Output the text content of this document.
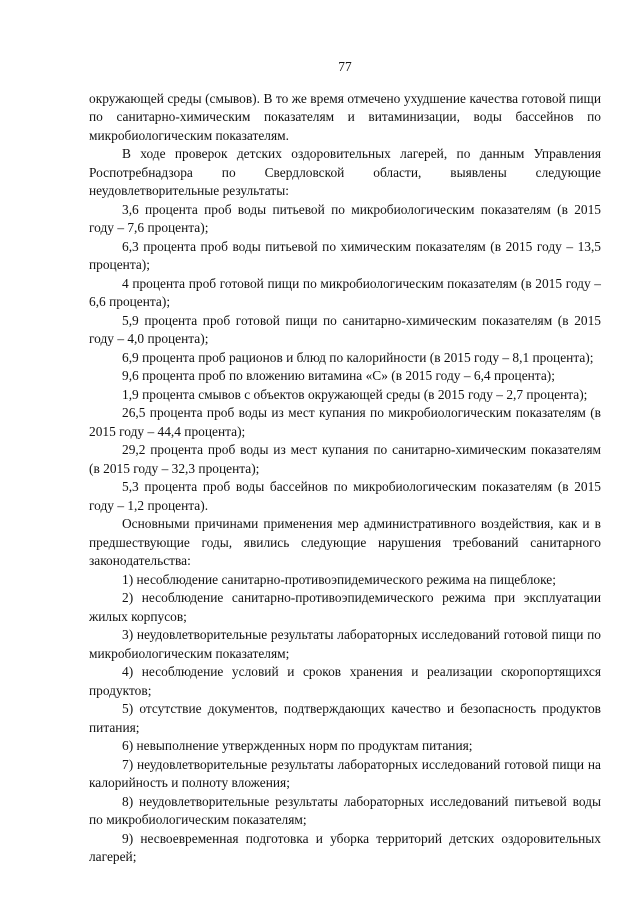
77

окружающей среды (смывов). В то же время отмечено ухудшение качества готовой пищи по санитарно-химическим показателям и витаминизации, воды бассейнов по микробиологическим показателям.

В ходе проверок детских оздоровительных лагерей, по данным Управления Роспотребнадзора по Свердловской области, выявлены следующие неудовлетворительные результаты:

3,6 процента проб воды питьевой по микробиологическим показателям (в 2015 году – 7,6 процента);

6,3 процента проб воды питьевой по химическим показателям (в 2015 году – 13,5 процента);

4 процента проб готовой пищи по микробиологическим показателям (в 2015 году – 6,6 процента);

5,9 процента проб готовой пищи по санитарно-химическим показателям (в 2015 году – 4,0 процента);

6,9 процента проб рационов и блюд по калорийности (в 2015 году – 8,1 процента);

9,6 процента проб по вложению витамина «С» (в 2015 году – 6,4 процента);

1,9 процента смывов с объектов окружающей среды (в 2015 году – 2,7 процента);

26,5 процента проб воды из мест купания по микробиологическим показателям (в 2015 году – 44,4 процента);

29,2 процента проб воды из мест купания по санитарно-химическим показателям (в 2015 году – 32,3 процента);

5,3 процента проб воды бассейнов по микробиологическим показателям (в 2015 году – 1,2 процента).

Основными причинами применения мер административного воздействия, как и в предшествующие годы, явились следующие нарушения требований санитарного законодательства:

1) несоблюдение санитарно-противоэпидемического режима на пищеблоке;

2) несоблюдение санитарно-противоэпидемического режима при эксплуатации жилых корпусов;

3) неудовлетворительные результаты лабораторных исследований готовой пищи по микробиологическим показателям;

4) несоблюдение условий и сроков хранения и реализации скоропортящихся продуктов;

5) отсутствие документов, подтверждающих качество и безопасность продуктов питания;

6) невыполнение утвержденных норм по продуктам питания;

7) неудовлетворительные результаты лабораторных исследований готовой пищи на калорийность и полноту вложения;

8) неудовлетворительные результаты лабораторных исследований питьевой воды по микробиологическим показателям;

9) несвоевременная подготовка и уборка территорий детских оздоровительных лагерей;
